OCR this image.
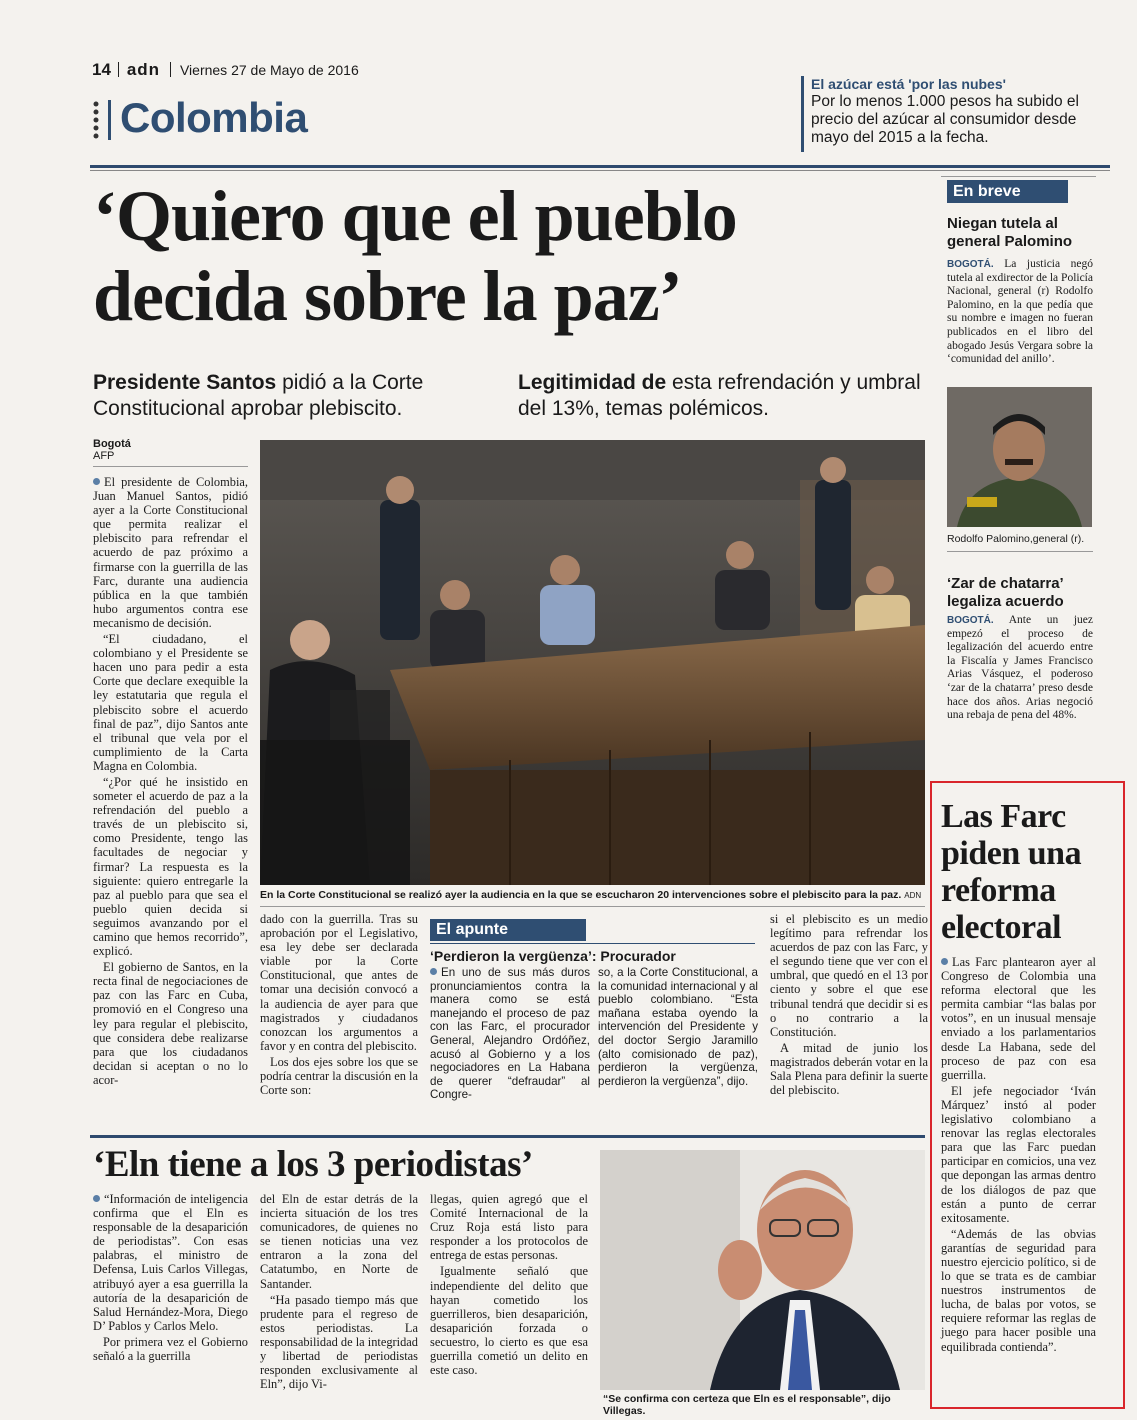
14 adn Viernes 27 de Mayo de 2016
Colombia
El azúcar está 'por las nubes'
Por lo menos 1.000 pesos ha subido el precio del azúcar al consumidor desde mayo del 2015 a la fecha.
‘Quiero que el pueblo decida sobre la paz’
Presidente Santos pidió a la Corte Constitucional aprobar plebiscito.
Legitimidad de esta refrendación y umbral del 13%, temas polémicos.
Bogotá
AFP
En la Corte Constitucional se realizó ayer la audiencia en la que se escucharon 20 intervenciones sobre el plebiscito para la paz. ADN

El presidente de Colombia, Juan Manuel Santos, pidió ayer a la Corte Constitucional que permita realizar el plebiscito para refrendar el acuerdo de paz próximo a firmarse con la guerrilla de las Farc, durante una audiencia pública en la que también hubo argumentos contra ese mecanismo de decisión.

“El ciudadano, el colombiano y el Presidente se hacen uno para pedir a esta Corte que declare exequible la ley estatutaria que regula el plebiscito sobre el acuerdo final de paz”, dijo Santos ante el tribunal que vela por el cumplimiento de la Carta Magna en Colombia.

“¿Por qué he insistido en someter el acuerdo de paz a la refrendación del pueblo a través de un plebiscito si, como Presidente, tengo las facultades de negociar y firmar? La respuesta es la siguiente: quiero entregarle la paz al pueblo para que sea el pueblo quien decida si seguimos avanzando por el camino que hemos recorrido”, explicó.

El gobierno de Santos, en la recta final de negociaciones de paz con las Farc en Cuba, promovió en el Congreso una ley para regular el plebiscito, que considera debe realizarse para que los ciudadanos decidan si aceptan o no lo acor-

dado con la guerrilla. Tras su aprobación por el Legislativo, esa ley debe ser declarada viable por la Corte Constitucional, que antes de tomar una decisión convocó a la audiencia de ayer para que magistrados y ciudadanos conozcan los argumentos a favor y en contra del plebiscito.

Los dos ejes sobre los que se podría centrar la discusión en la Corte son:

El apunte
‘Perdieron la vergüenza’: Procurador

En uno de sus más duros pronunciamientos contra la manera como se está manejando el proceso de paz con las Farc, el procurador General, Alejandro Ordóñez, acusó al Gobierno y a los negociadores en La Habana de querer “defraudar” al Congre-

so, a la Corte Constitucional, a la comunidad internacional y al pueblo colombiano. “Esta mañana estaba oyendo la intervención del Presidente y del doctor Sergio Jaramillo (alto comisionado de paz), perdieron la vergüenza, perdieron la vergüenza”, dijo.

si el plebiscito es un medio legítimo para refrendar los acuerdos de paz con las Farc, y el segundo tiene que ver con el umbral, que quedó en el 13 por ciento y sobre el que ese tribunal tendrá que decidir si es o no contrario a la Constitución.

A mitad de junio los magistrados deberán votar en la Sala Plena para definir la suerte del plebiscito.

En breve
Niegan tutela al general Palomino
BOGOTÁ. La justicia negó tutela al exdirector de la Policía Nacional, general (r) Rodolfo Palomino, en la que pedía que su nombre e imagen no fueran publicados en el libro del abogado Jesús Vergara sobre la ‘comunidad del anillo’.
Rodolfo Palomino,general (r).
‘Zar de chatarra’ legaliza acuerdo
BOGOTÁ. Ante un juez empezó el proceso de legalización del acuerdo entre la Fiscalía y James Francisco Arias Vásquez, el poderoso ‘zar de la chatarra’ preso desde hace dos años. Arias negoció una rebaja de pena del 48%.
Las Farc piden una reforma electoral

Las Farc plantearon ayer al Congreso de Colombia una reforma electoral que les permita cambiar “las balas por votos”, en un inusual mensaje enviado a los parlamentarios desde La Habana, sede del proceso de paz con esa guerrilla.

El jefe negociador ‘Iván Márquez’ instó al poder legislativo colombiano a renovar las reglas electorales para que las Farc puedan participar en comicios, una vez que depongan las armas dentro de los diálogos de paz que están a punto de cerrar exitosamente.

“Además de las obvias garantías de seguridad para nuestro ejercicio político, si de lo que se trata es de cambiar nuestros instrumentos de lucha, de balas por votos, se requiere reformar las reglas de juego para hacer posible una equilibrada contienda”.

‘Eln tiene a los 3 periodistas’

“Información de inteligencia confirma que el Eln es responsable de la desaparición de periodistas”. Con esas palabras, el ministro de Defensa, Luis Carlos Villegas, atribuyó ayer a esa guerrilla la autoría de la desaparición de Salud Hernández-Mora, Diego D’ Pablos y Carlos Melo.

Por primera vez el Gobierno señaló a la guerrilla

del Eln de estar detrás de la incierta situación de los tres comunicadores, de quienes no se tienen noticias una vez entraron a la zona del Catatumbo, en Norte de Santander.

“Ha pasado tiempo más que prudente para el regreso de estos periodistas. La responsabilidad de la integridad y libertad de periodistas responden exclusivamente al Eln”, dijo Vi-

llegas, quien agregó que el Comité Internacional de la Cruz Roja está listo para responder a los protocolos de entrega de estas personas.

Igualmente señaló que independiente del delito que hayan cometido los guerrilleros, bien desaparición, desaparición forzada o secuestro, lo cierto es que esa guerrilla cometió un delito en este caso.

“Se confirma con certeza que Eln es el responsable”, dijo Villegas.
